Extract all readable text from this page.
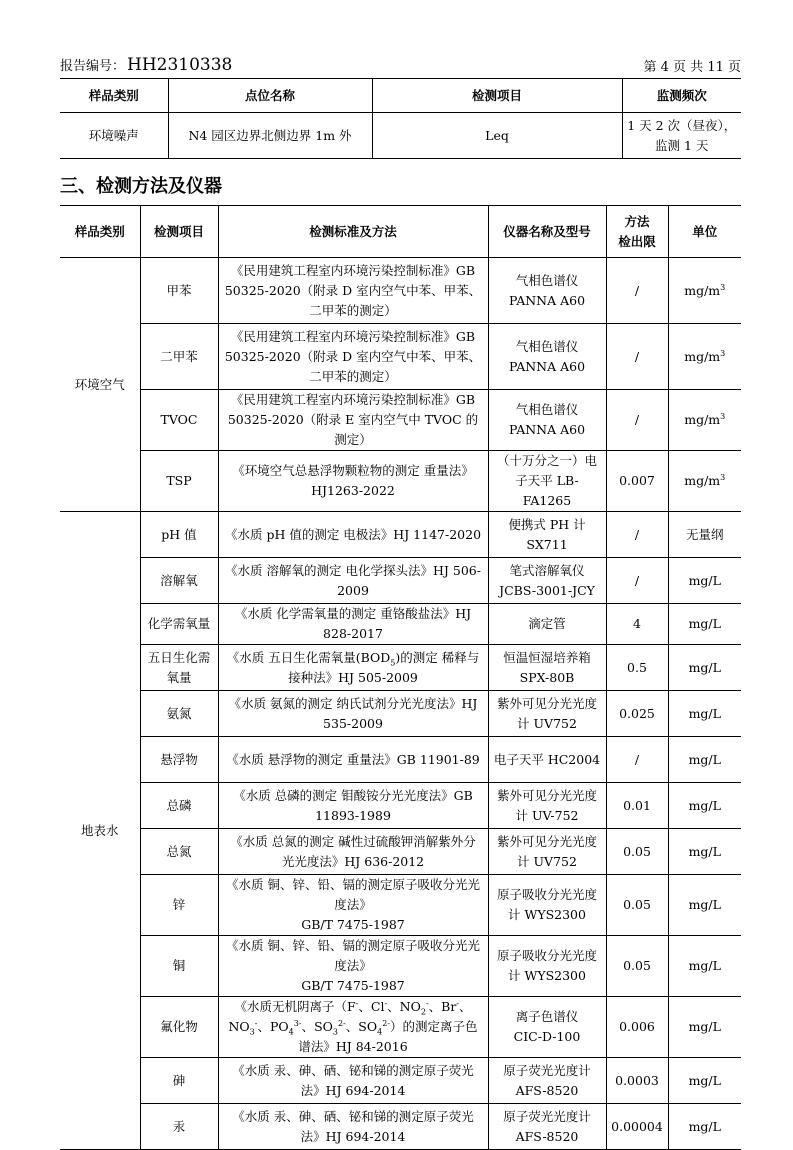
报告编号： HH2310338	第 4 页 共 11 页
样品类别	点位名称	检测项目	监测频次
环境噪声	N4 园区边界北侧边界 1m 外	Leq	1 天 2 次（昼夜），
监测 1 天
三、检测方法及仪器
样品类别	检测项目	检测标准及方法	仪器名称及型号	方法
检出限	单位
环境空气	甲苯	《民用建筑工程室内环境污染控制标准》GB 50325-2020（附录 D 室内空气中苯、甲苯、二甲苯的测定）	气相色谱仪
PANNA A60	/	$mg/m^3$
	二甲苯	《民用建筑工程室内环境污染控制标准》GB 50325-2020（附录 D 室内空气中苯、甲苯、二甲苯的测定）	气相色谱仪
PANNA A60	/	$mg/m^3$
	TVOC	《民用建筑工程室内环境污染控制标准》GB 50325-2020（附录 E 室内空气中 TVOC 的测定）	气相色谱仪
PANNA A60	/	$mg/m^3$
	TSP	《环境空气总悬浮物颗粒物的测定 重量法》
HJ1263-2022	（十万分之一）电子天平 LB-FA1265	0.007	$mg/m^3$
地表水	pH 值	《水质 pH 值的测定 电极法》HJ 1147-2020	便携式 PH 计
SX711	/	无量纲
	溶解氧	《水质 溶解氧的测定 电化学探头法》HJ 506-2009	笔式溶解氧仪
JCBS-3001-JCY	/	mg/L
	化学需氧量	《水质 化学需氧量的测定 重铬酸盐法》HJ 828-2017	滴定管	4	mg/L
	五日生化需氧量	《水质 五日生化需氧量$(BOD_5)$的测定 稀释与接种法》HJ 505-2009	恒温恒湿培养箱
SPX-80B	0.5	mg/L
	氨氮	《水质 氨氮的测定 纳氏试剂分光光度法》HJ 535-2009	紫外可见分光光度计 UV752	0.025	mg/L
	悬浮物	《水质 悬浮物的测定 重量法》GB 11901-89	电子天平 HC2004	/	mg/L
	总磷	《水质 总磷的测定 钼酸铵分光光度法》GB 11893-1989	紫外可见分光光度计 UV-752	0.01	mg/L
	总氮	《水质 总氮的测定 碱性过硫酸钾消解紫外分光光度法》HJ 636-2012	紫外可见分光光度计 UV752	0.05	mg/L
	锌	《水质 铜、锌、铅、镉的测定原子吸收分光光度法》
GB/T 7475-1987	原子吸收分光光度计 WYS2300	0.05	mg/L
	铜	《水质 铜、锌、铅、镉的测定原子吸收分光光度法》
GB/T 7475-1987	原子吸收分光光度计 WYS2300	0.05	mg/L
	氟化物	《水质无机阴离子（F-、Cl-、$NO_2^-$、Br-、$NO_3^-$、$PO_4^{3-}$、$SO_3^{2-}$、$SO_4^{2-}$）的测定离子色谱法》HJ 84-2016	离子色谱仪
CIC-D-100	0.006	mg/L
	砷	《水质 汞、砷、硒、铋和锑的测定原子荧光法》HJ 694-2014	原子荧光光度计
AFS-8520	0.0003	mg/L
	汞	《水质 汞、砷、硒、铋和锑的测定原子荧光法》HJ 694-2014	原子荧光光度计
AFS-8520	0.00004	mg/L
